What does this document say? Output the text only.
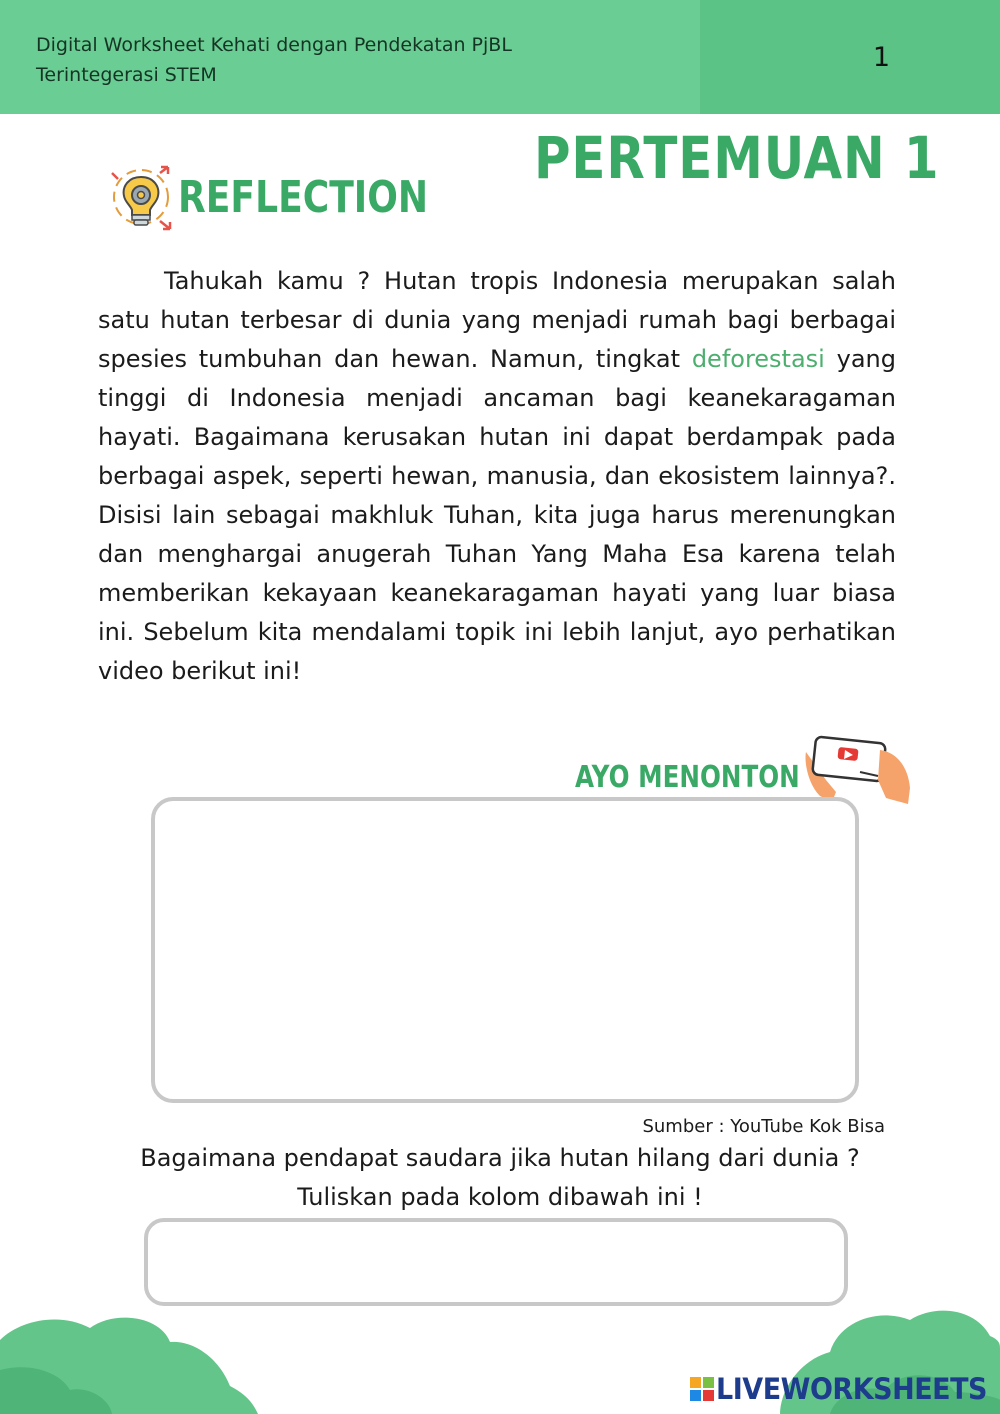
Digital Worksheet Kehati dengan Pendekatan PjBL
Terintegerasi STEM
1
PERTEMUAN 1
REFLECTION

Tahukah kamu ? Hutan tropis Indonesia merupakan salah satu hutan terbesar di dunia yang menjadi rumah bagi berbagai spesies tumbuhan dan hewan. Namun, tingkat deforestasi yang tinggi di Indonesia menjadi ancaman bagi keanekaragaman hayati. Bagaimana kerusakan hutan ini dapat berdampak pada berbagai aspek, seperti hewan, manusia, dan ekosistem lainnya?. Disisi lain sebagai makhluk Tuhan, kita juga harus merenungkan dan menghargai anugerah Tuhan Yang Maha Esa karena telah memberikan kekayaan keanekaragaman hayati yang luar biasa ini. Sebelum kita mendalami topik ini lebih lanjut, ayo perhatikan video berikut ini!

AYO MENONTON
Sumber : YouTube Kok Bisa
Bagaimana pendapat saudara jika hutan hilang dari dunia ?
Tuliskan pada kolom dibawah ini !
LIVEWORKSHEETS
